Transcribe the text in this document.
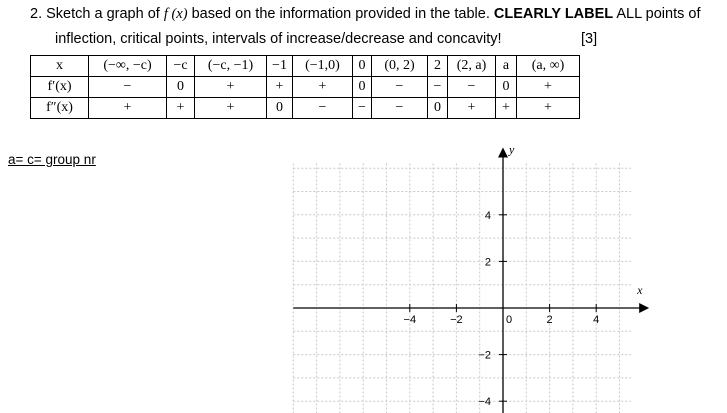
2. Sketch a graph of f (x) based on the information provided in the table. CLEARLY LABEL ALL points of
inflection, critical points, intervals of increase/decrease and concavity!	[3]
x	(−∞, −c)	−c	(−c, −1)	−1	(−1,0)	0	(0, 2)	2	(2, a)	a	(a, ∞)
f′(x)	−	0	+	+	+	0	−	−	−	0	+
f″(x)	+	+	+	0	−	−	−	0	+	+	+
a= c= group nr
x
y
−4	−2	0	2	4
4
2
−2
−4
